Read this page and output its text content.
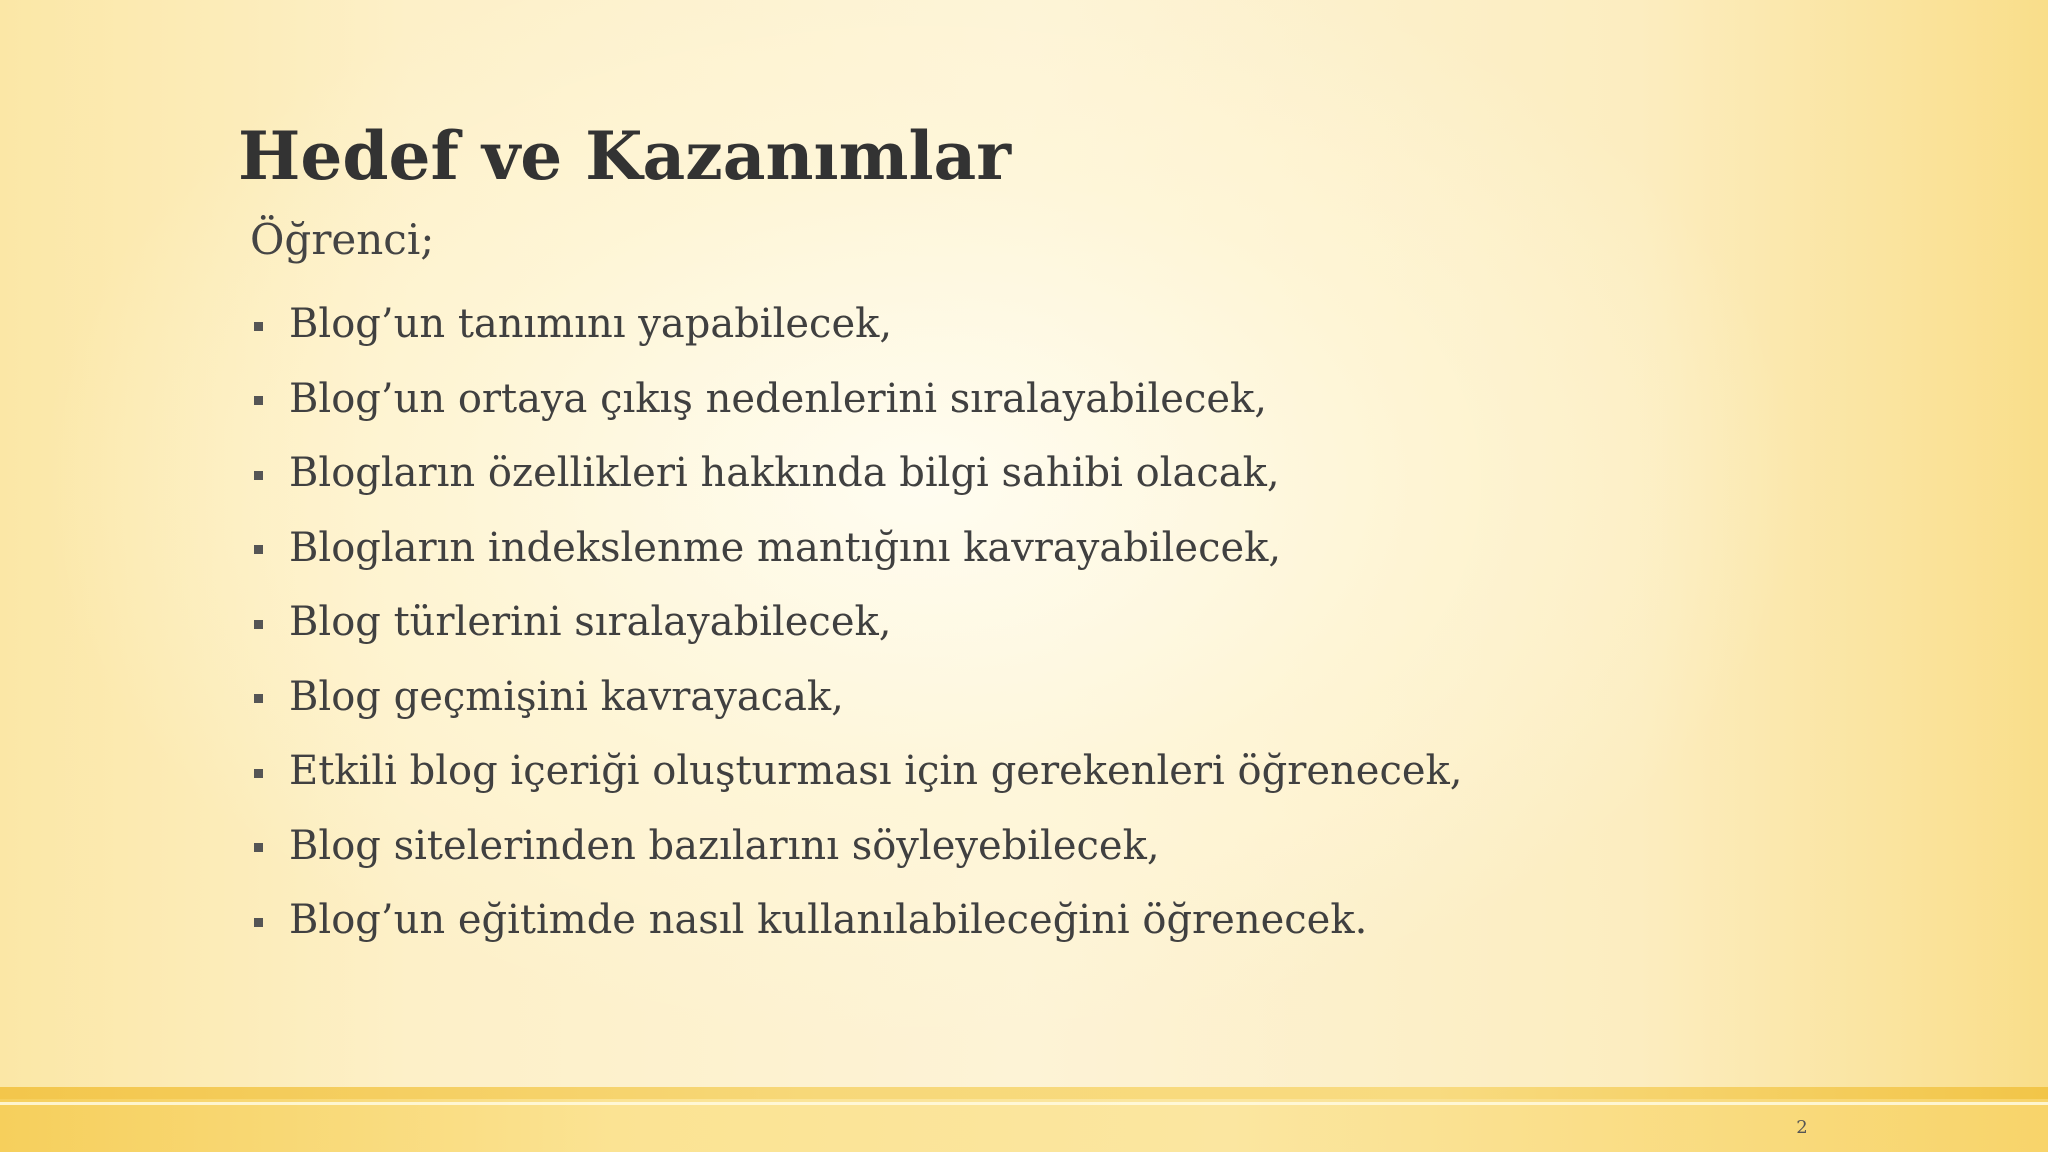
Hedef ve Kazanımlar
Öğrenci;
Blog’un tanımını yapabilecek,
Blog’un ortaya çıkış nedenlerini sıralayabilecek,
Blogların özellikleri hakkında bilgi sahibi olacak,
Blogların indekslenme mantığını kavrayabilecek,
Blog türlerini sıralayabilecek,
Blog geçmişini kavrayacak,
Etkili blog içeriği oluşturması için gerekenleri öğrenecek,
Blog sitelerinden bazılarını söyleyebilecek,
Blog’un eğitimde nasıl kullanılabileceğini öğrenecek.
2
